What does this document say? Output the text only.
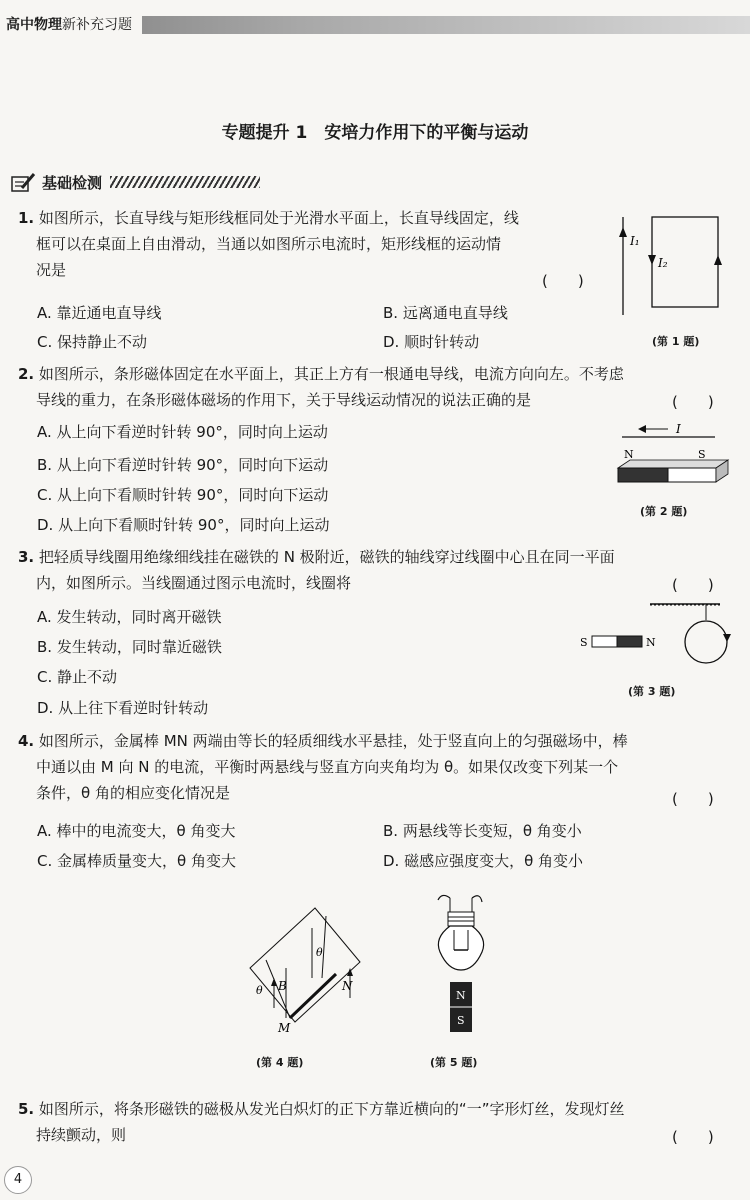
高中物理新补充习题
专题提升 1　安培力作用下的平衡与运动
基础检测
1. 如图所示，长直导线与矩形线框同处于光滑水平面上，长直导线固定，线
框可以在桌面上自由滑动，当通以如图所示电流时，矩形线框的运动情
况是
(　　)
A. 靠近通电直导线	B. 远离通电直导线
C. 保持静止不动	D. 顺时针转动
I₁
I₂
(第 1 题)
2. 如图所示，条形磁体固定在水平面上，其正上方有一根通电导线，电流方向向左。不考虑
导线的重力，在条形磁体磁场的作用下，关于导线运动情况的说法正确的是	(　　)
A. 从上向下看逆时针转 90°，同时向上运动
B. 从上向下看逆时针转 90°，同时向下运动
C. 从上向下看顺时针转 90°，同时向下运动
D. 从上向下看顺时针转 90°，同时向上运动
I
N	S
(第 2 题)
3. 把轻质导线圈用绝缘细线挂在磁铁的 N 极附近，磁铁的轴线穿过线圈中心且在同一平面
内，如图所示。当线圈通过图示电流时，线圈将	(　　)
A. 发生转动，同时离开磁铁
B. 发生转动，同时靠近磁铁
C. 静止不动
D. 从上往下看逆时针转动
S	N
(第 3 题)
4. 如图所示，金属棒 MN 两端由等长的轻质细线水平悬挂，处于竖直向上的匀强磁场中，棒
中通以由 M 向 N 的电流，平衡时两悬线与竖直方向夹角均为 θ。如果仅改变下列某一个
条件，θ 角的相应变化情况是	(　　)
A. 棒中的电流变大，θ 角变大	B. 两悬线等长变短，θ 角变小
C. 金属棒质量变大，θ 角变大	D. 磁感应强度变大，θ 角变小
B
θ
θ
M
N
(第 4 题)
N
S
(第 5 题)
5. 如图所示，将条形磁铁的磁极从发光白炽灯的正下方靠近横向的“一”字形灯丝，发现灯丝
持续颤动，则	(　　)
4
